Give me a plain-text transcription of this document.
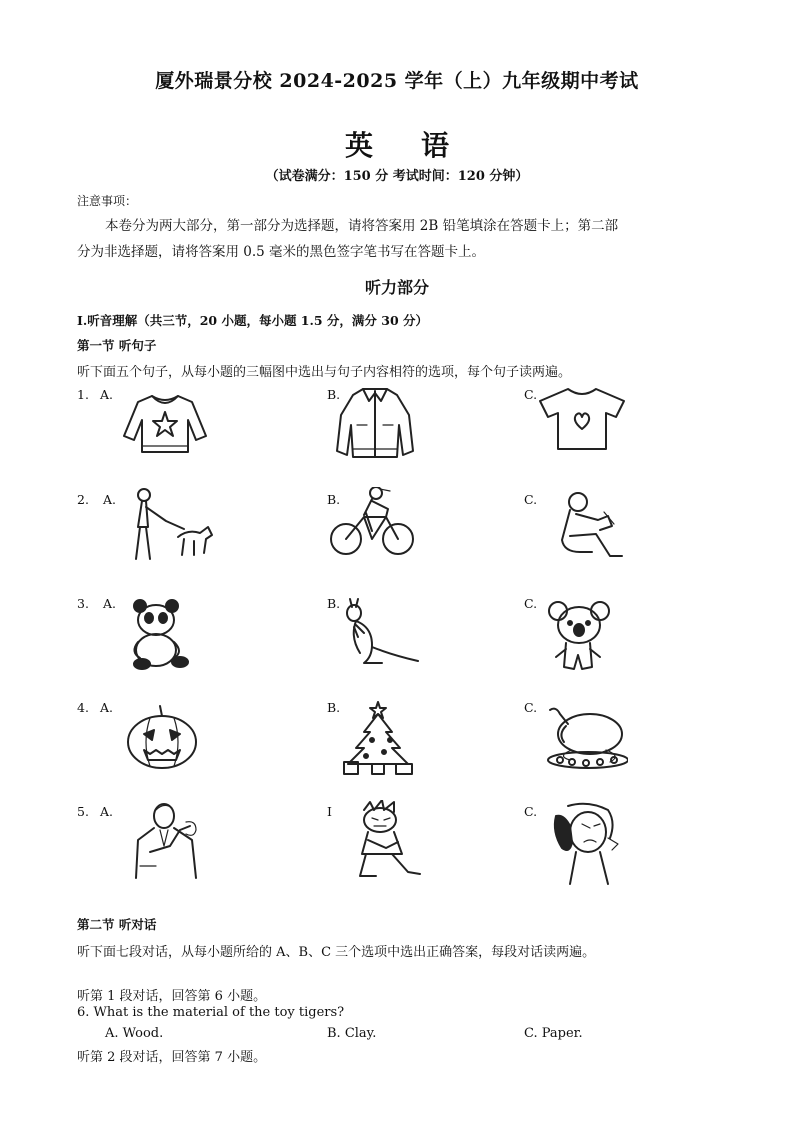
厦外瑞景分校 2024-2025 学年（上）九年级期中考试
英语
（试卷满分：150 分 考试时间：120 分钟）
注意事项：
本卷分为两大部分，第一部分为选择题，请将答案用 2B 铅笔填涂在答题卡上；第二部
分为非选择题，请将答案用 0.5 毫米的黑色签字笔书写在答题卡上。
听力部分
I.听音理解（共三节，20 小题，每小题 1.5 分，满分 30 分）
第一节 听句子
听下面五个句子，从每小题的三幅图中选出与句子内容相符的选项，每个句子读两遍。
1. A.	B.	C.
2. A.	B.	C.
3. A.	B.	C.
4. A.	B.	C.
5. A.	I	C.
第二节 听对话
听下面七段对话，从每小题所给的 A、B、C 三个选项中选出正确答案，每段对话读两遍。
听第 1 段对话，回答第 6 小题。
6. What is the material of the toy tigers?
A. Wood.	B. Clay.	C. Paper.
听第 2 段对话，回答第 7 小题。
